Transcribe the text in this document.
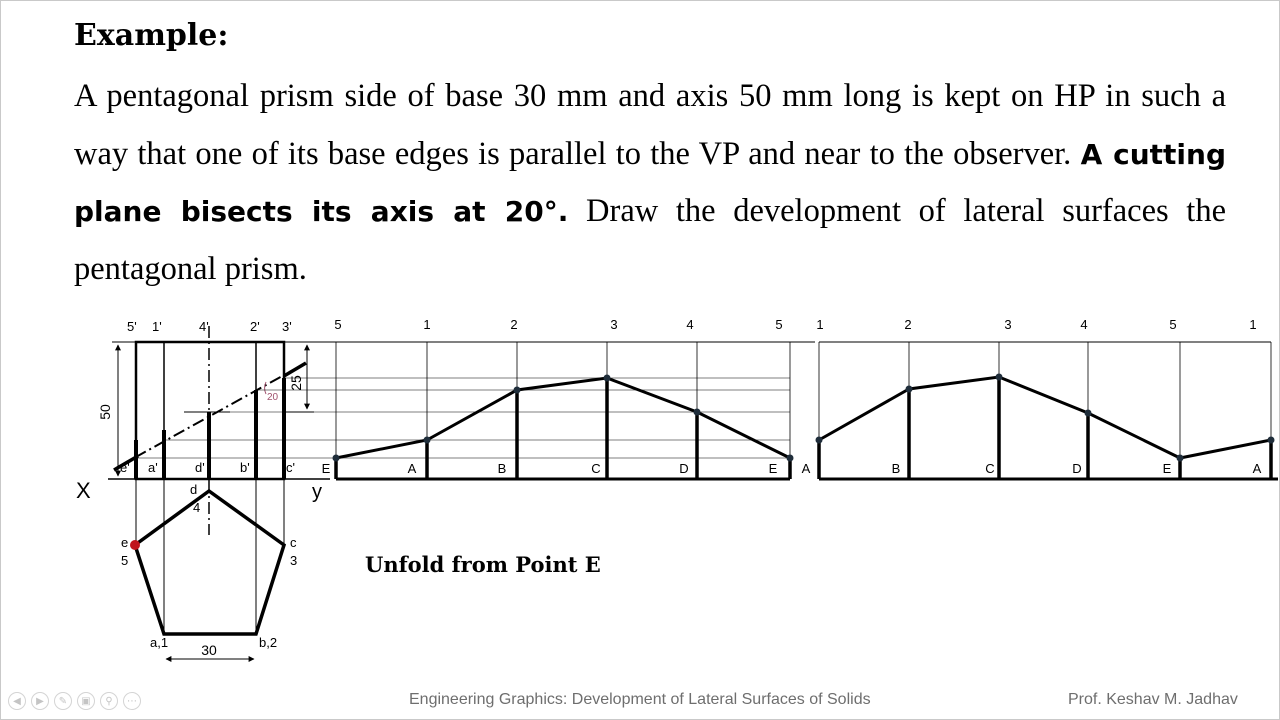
Example:

A pentagonal prism side of base 30 mm and axis 50 mm long is kept on HP in such a way that one of its base edges is parallel to the VP and near to the observer. A cutting plane bisects its axis at 20°. Draw the development of lateral surfaces the pentagonal prism.

20
5' 1'	4'	2' 3'
e' a'	d'	b'	c'
50
25
X	y
30
a,1	b,2
c
3
d
4
e
5
5	1	2	3	4	5
E	A	B	C	D	E
1	2	3	4	5	1
A	B	C	D	E	A
Unfold from Point E
◀	▶	✎	▣	⚲	⋯	Engineering Graphics: Development of Lateral Surfaces of Solids	Prof. Keshav M. Jadhav
